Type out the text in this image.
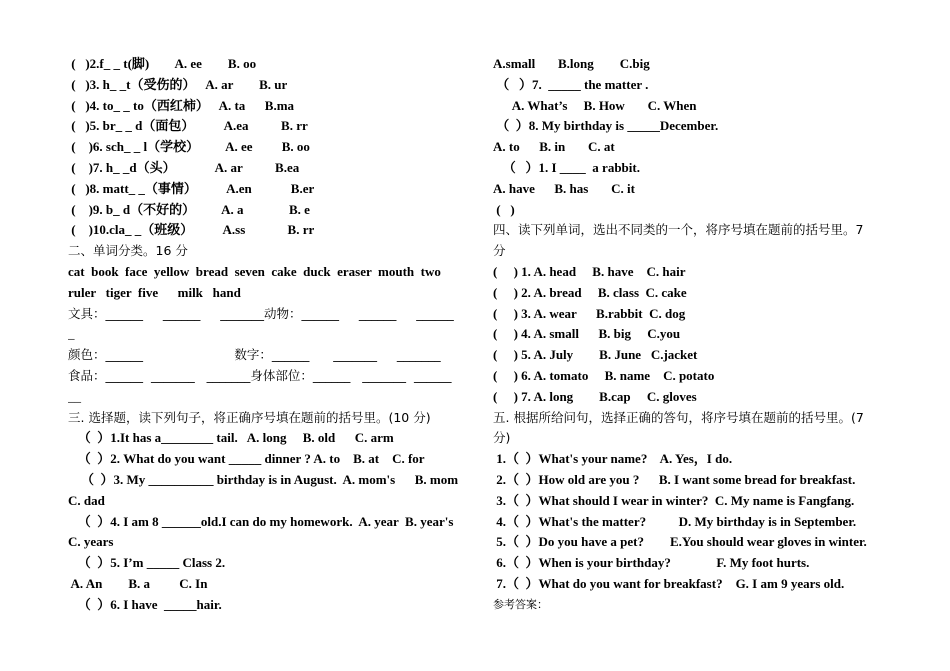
(   )2.f_ _ t(脚)        A. ee        B. oo
(   )3. h_ _t（受伤的）   A. ar        B. ur
(   )4. to_ _ to（西红柿）   A. ta      B.ma
(   )5. br_ _ d（面包）         A.ea          B. rr
(    )6. sch_ _ l（学校）        A. ee         B. oo
(    )7. h_ _d（头）            A. ar          B.ea
(   )8. matt_ _（事情）         A.en            B.er
(    )9. b_ d（不好的）        A. a              B. e
(    )10.cla_ _（班级）         A.ss             B. rr
二、单词分类。16 分
cat  book  face  yellow  bread  seven  cake  duck  eraser  mouth  two
ruler   tiger  five      milk   hand
文具：______     ______     _______动物：______     ______     ______
_
颜色：______                       数字：______      _______     _______
食品：______  _______   _______身体部位：______   _______  ______
__
三. 选择题，读下列句子，将正确序号填在题前的括号里。(10 分)
（  ）1.It has a________ tail.   A. long     B. old      C. arm
（  ）2. What do you want _____ dinner ? A. to    B. at    C. for
（  ）3. My __________ birthday is in August.  A. mom's      B. mom
C. dad
（  ）4. I am 8 ______old.I can do my homework.  A. year  B. year's
C. years
（  ）5. I’m _____ Class 2.
A. An        B. a         C. In
（  ）6. I have  _____hair.
A.small       B.long        C.big
（   ）7.  _____ the matter .
A. What’s     B. How       C. When
（  ）8. My birthday is _____December.
A. to      B. in       C. at
（   ）1. I ____  a rabbit.
A. have      B. has       C. it
(   )
四、读下列单词，选出不同类的一个，将序号填在题前的括号里。7
分
(     ) 1. A. head     B. have    C. hair
(     ) 2. A. bread     B. class  C. cake
(     ) 3. A. wear      B.rabbit  C. dog
(     ) 4. A. small      B. big     C.you
(     ) 5. A. July        B. June   C.jacket
(     ) 6. A. tomato     B. name    C. potato
(     ) 7. A. long        B.cap     C. gloves
五. 根据所给问句，选择正确的答句，将序号填在题前的括号里。(7
分)
1.（  ）What's your name?    A. Yes，I do.
2.（  ）How old are you ?      B. I want some bread for breakfast.
3.（  ）What should I wear in winter?  C. My name is Fangfang.
4.（  ）What's the matter?          D. My birthday is in September.
5.（  ）Do you have a pet?        E.You should wear gloves in winter.
6.（  ）When is your birthday?              F. My foot hurts.
7.（  ）What do you want for breakfast?    G. I am 9 years old.
参考答案：
